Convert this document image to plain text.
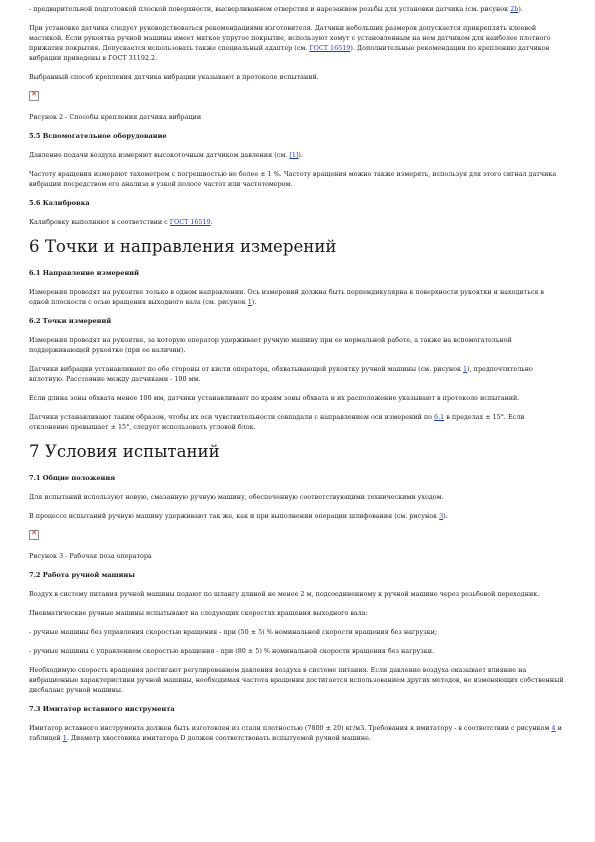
- предварительной подготовкой плоской поверхности, высверливанием отверстия и нарезанием резьбы для установки датчика (см. рисунок 2b).

При установке датчика следует руководствоваться рекомендациями изготовителя. Датчики небольших размеров допускается прикреплять клеевой мастикой. Если рукоятка ручной машины имеет мягкое упругое покрытие, используют хомут с установленным на нем датчиком для наиболее плотного прижатия покрытия. Допускается использовать также специальный адаптер (см. ГОСТ 16519). Дополнительные рекомендации по креплению датчиков вибрации приведены в ГОСТ 31192.2.

Выбранный способ крепления датчика вибрации указывают в протоколе испытаний.

✕

Рисунок 2 - Способы крепления датчика вибрации

5.5 Вспомогательное оборудование

Давление подачи воздуха измеряют высокоточным датчиком давления (см. [1]).

Частоту вращения измеряют тахометром с погрешностью не более ± 1 %. Частоту вращения можно также измерять, используя для этого сигнал датчика вибрации посредством его анализа в узкой полосе частот или частотомером.

5.6 Калибровка

Калибровку выполняют в соответствии с ГОСТ 16519.

6 Точки и направления измерений
6.1 Направление измерений

Измерения проводят на рукоятке только в одном направлении. Ось измерений должна быть перпендикулярна к поверхности рукоятки и находиться в одной плоскости с осью вращения выходного вала (см. рисунок 1).

6.2 Точки измерений

Измерения проводят на рукоятке, за которую оператор удерживает ручную машину при ее нормальной работе, а также на вспомогательной поддерживающей рукоятке (при ее наличии).

Датчики вибрации устанавливают по обе стороны от кисти оператора, обхватывающей рукоятку ручной машины (см. рисунок 1), предпочтительно вплотную. Расстояние между датчиками - 100 мм.

Если длина зоны обхвата менее 100 мм, датчики устанавливают по краям зоны обхвата и их расположение указывают в протоколе испытаний.

Датчики устанавливают таким образом, чтобы их оси чувствительности совпадали с направлением оси измерений по 6.1 в пределах ± 15°. Если отклонение превышает ± 15°, следует использовать угловой блок.

7 Условия испытаний
7.1 Общие положения

Для испытаний используют новую, смазанную ручную машину, обеспеченную соответствующими техническими уходом.

В процессе испытаний ручную машину удерживают так же, как и при выполнении операции шлифования (см. рисунок 3).

✕

Рисунок 3 - Рабочая поза оператора

7.2 Работа ручной машины

Воздух в систему питания ручной машины подают по шлангу длиной не менее 2 м, подсоединенному к ручной машине через резьбовой переходник.

Пневматические ручные машины испытывают на следующих скоростях вращения выходного вала:

- ручные машины без управления скоростью вращения - при (50 ± 5) % номинальной скорости вращения без нагрузки;

- ручные машины с управлением скоростью вращения - при (80 ± 5) % номинальной скорости вращения без нагрузки.

Необходимую скорость вращения достигают регулированием давления воздуха в системе питания. Если давление воздуха оказывает влияние на вибрационные характеристики ручной машины, необходимая частота вращения достигается использованием других методов, не изменяющих собственный дисбаланс ручной машины.

7.3 Имитатор вставного инструмента

Имитатор вставного инструмента должен быть изготовлен из стали плотностью (7800 ± 20) кг/м3. Требования к имитатору - в соответствии с рисунком 4 и таблицей 1. Диаметр хвостовика имитатора D должен соответствовать испытуемой ручной машине.
